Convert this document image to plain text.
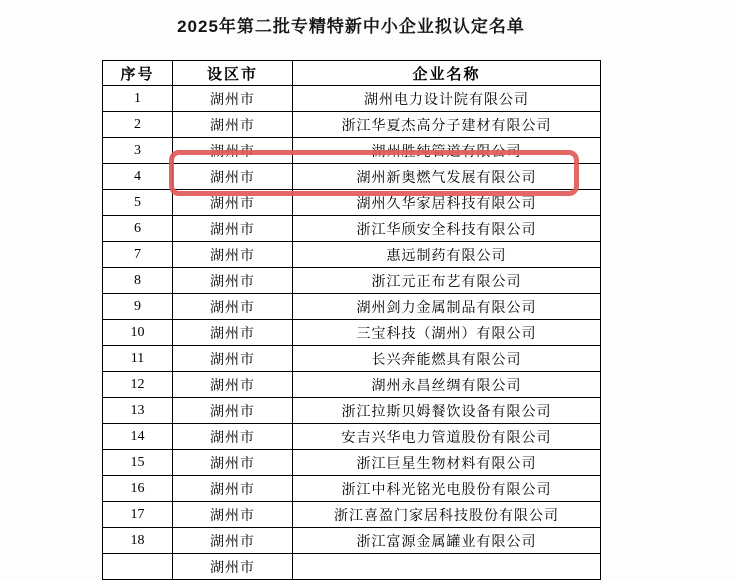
2025年第二批专精特新中小企业拟认定名单
序号	设区市	企业名称
1	湖州市	湖州电力设计院有限公司
2	湖州市	浙江华夏杰高分子建材有限公司
3	湖州市	湖州胜纯管道有限公司
4	湖州市	湖州新奥燃气发展有限公司
5	湖州市	湖州久华家居科技有限公司
6	湖州市	浙江华颀安全科技有限公司
7	湖州市	惠远制药有限公司
8	湖州市	浙江元正布艺有限公司
9	湖州市	湖州剑力金属制品有限公司
10	湖州市	三宝科技（湖州）有限公司
11	湖州市	长兴奔能燃具有限公司
12	湖州市	湖州永昌丝绸有限公司
13	湖州市	浙江拉斯贝姆餐饮设备有限公司
14	湖州市	安吉兴华电力管道股份有限公司
15	湖州市	浙江巨星生物材料有限公司
16	湖州市	浙江中科光铭光电股份有限公司
17	湖州市	浙江喜盈门家居科技股份有限公司
18	湖州市	浙江富源金属罐业有限公司
	湖州市	
